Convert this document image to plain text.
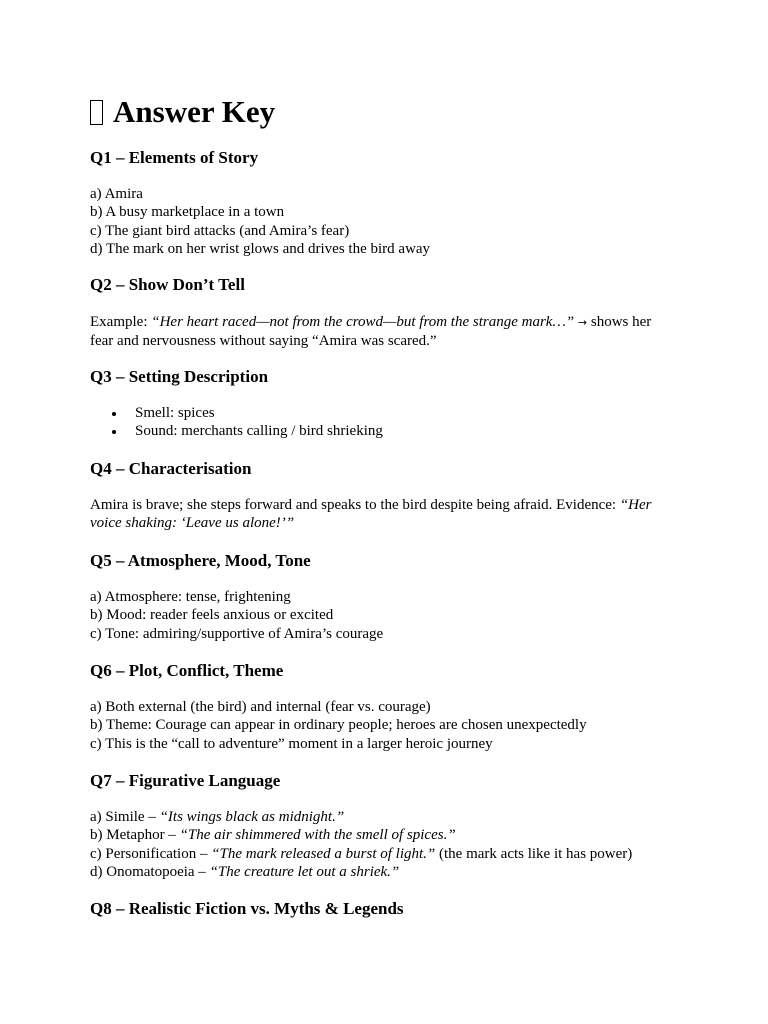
Answer Key
Q1 – Elements of Story
a) Amira
b) A busy marketplace in a town
c) The giant bird attacks (and Amira’s fear)
d) The mark on her wrist glows and drives the bird away
Q2 – Show Don’t Tell
Example: “Her heart raced—not from the crowd—but from the strange mark…” → shows her
fear and nervousness without saying “Amira was scared.”
Q3 – Setting Description
Smell: spices
Sound: merchants calling / bird shrieking
Q4 – Characterisation
Amira is brave; she steps forward and speaks to the bird despite being afraid. Evidence: “Her
voice shaking: ‘Leave us alone!’”
Q5 – Atmosphere, Mood, Tone
a) Atmosphere: tense, frightening
b) Mood: reader feels anxious or excited
c) Tone: admiring/supportive of Amira’s courage
Q6 – Plot, Conflict, Theme
a) Both external (the bird) and internal (fear vs. courage)
b) Theme: Courage can appear in ordinary people; heroes are chosen unexpectedly
c) This is the “call to adventure” moment in a larger heroic journey
Q7 – Figurative Language
a) Simile – “Its wings black as midnight.”
b) Metaphor – “The air shimmered with the smell of spices.”
c) Personification – “The mark released a burst of light.” (the mark acts like it has power)
d) Onomatopoeia – “The creature let out a shriek.”
Q8 – Realistic Fiction vs. Myths & Legends
